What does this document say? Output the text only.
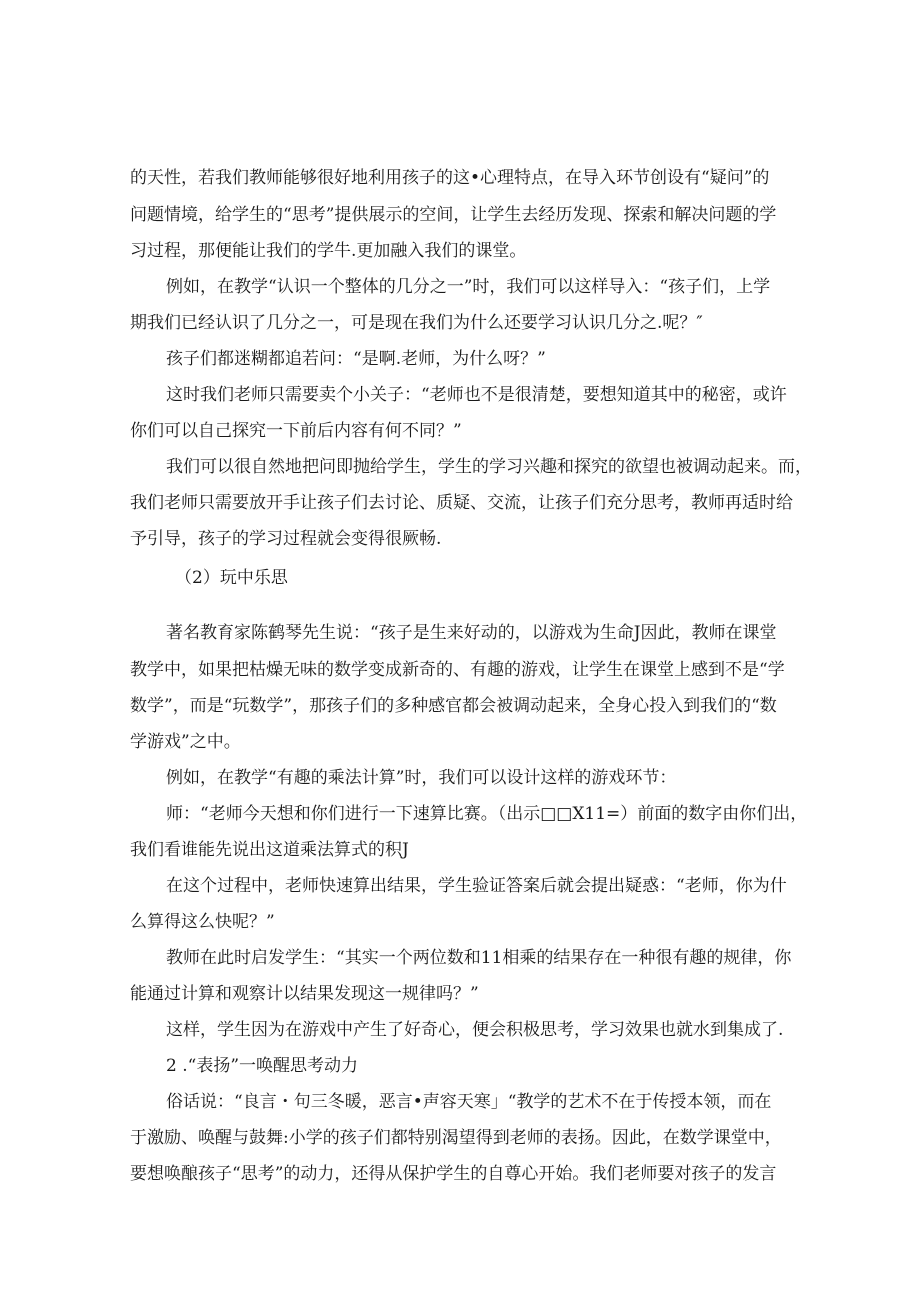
的天性，若我们教师能够很好地利用孩子的这•心理特点，在导入环节创设有“疑问”的
问题情境，给学生的“思考”提供展示的空间，让学生去经历发现、探索和解决问题的学
习过程，那便能让我们的学牛.更加融入我们的课堂。
例如，在教学“认识一个整体的几分之一”时，我们可以这样导入：“孩子们，上学
期我们已经认识了几分之一，可是现在我们为什么还要学习认识几分之.呢？″
孩子们都迷糊都追若问：“是啊.老师，为什么呀？”
这时我们老师只需要卖个小关子：“老师也不是很清楚，要想知道其中的秘密，或许
你们可以自己探究一下前后内容有何不同？”
我们可以很自然地把问即抛给学生，学生的学习兴趣和探究的欲望也被调动起来。而，
我们老师只需要放开手让孩子们去讨论、质疑、交流，让孩子们充分思考，教师再适时给
予引导，孩子的学习过程就会变得很厥畅.
（2）玩中乐思
著名教育家陈鹤琴先生说：“孩子是生来好动的，以游戏为生命J因此，教师在课堂
教学中，如果把枯燥无味的数学变成新奇的、有趣的游戏，让学生在课堂上感到不是“学
数学”，而是“玩数学”，那孩子们的多种感官都会被调动起来，全身心投入到我们的“数
学游戏”之中。
例如，在教学“有趣的乘法计算”时，我们可以设计这样的游戏环节：
师：“老师今天想和你们进行一下速算比赛。（出示□□X11=）前面的数字由你们出，
我们看谁能先说出这道乘法算式的积J
在这个过程中，老师快速算出结果，学生验证答案后就会提出疑惑：“老师，你为什
么算得这么快呢？”
教师在此时启发学生：“其实一个两位数和11相乘的结果存在一种很有趣的规律，你
能通过计算和观察计以结果发现这一规律吗？”
这样，学生因为在游戏中产生了好奇心，便会积极思考，学习效果也就水到集成了.
2 .“表扬”一唤醒思考动力
俗话说：“良言・句三冬暖，恶言•声容天寒」“教学的艺术不在于传授本领，而在
于激励、唤醒与鼓舞:小学的孩子们都特别渴望得到老师的表扬。因此，在数学课堂中，
要想唤酿孩子“思考”的动力，还得从保护学生的自尊心开始。我们老师要对孩子的发言
